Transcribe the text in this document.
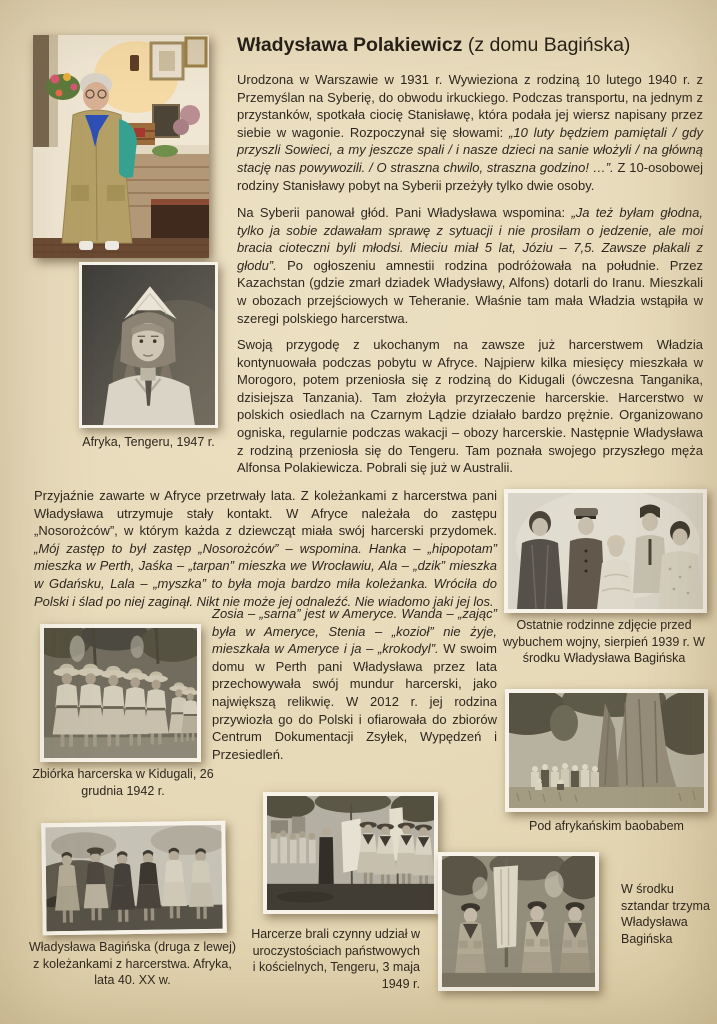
Władysława Polakiewicz (z domu Bagińska)

Urodzona w Warszawie w 1931 r. Wywieziona z rodziną 10 lutego 1940 r. z Przemyślan na Syberię, do obwodu irkuckiego. Podczas transportu, na jednym z przystanków, spotkała ciocię Stanisławę, która podała jej wiersz napisany przez siebie w wagonie. Rozpoczynał się słowami: „10 luty będziem pamiętali / gdy przyszli Sowieci, a my jeszcze spali / i nasze dzieci na sanie włożyli / na główną stację nas powywozili. / O straszna chwilo, straszna godzino! …”. Z 10-osobowej rodziny Stanisławy pobyt na Syberii przeżyły tylko dwie osoby.

Na Syberii panował głód. Pani Władysława wspomina: „Ja też byłam głodna, tylko ja sobie zdawałam sprawę z sytuacji i nie prosiłam o jedzenie, ale moi bracia cioteczni byli młodsi. Mieciu miał 5 lat, Józiu – 7,5. Zawsze płakali z głodu”. Po ogłoszeniu amnestii rodzina podróżowała na południe. Przez Kazachstan (gdzie zmarł dziadek Władysławy, Alfons) dotarli do Iranu. Mieszkali w obozach przejściowych w Teheranie. Właśnie tam mała Władzia wstąpiła w szeregi polskiego harcerstwa.

Swoją przygodę z ukochanym na zawsze już harcerstwem Władzia kontynuowała podczas pobytu w Afryce. Najpierw kilka miesięcy mieszkała w Morogoro, potem przeniosła się z rodziną do Kidugali (ówczesna Tanganika, dzisiejsza Tanzania). Tam złożyła przyrzeczenie harcerskie. Harcerstwo w polskich osiedlach na Czarnym Lądzie działało bardzo prężnie. Organizowano ogniska, regularnie podczas wakacji – obozy harcerskie. Następnie Władysława z rodziną przeniosła się do Tengeru. Tam poznała swojego przyszłego męża Alfonsa Polakiewicza. Pobrali się już w Australii.

Afryka, Tengeru, 1947 r.

Przyjaźnie zawarte w Afryce przetrwały lata. Z koleżankami z harcerstwa pani Władysława utrzymuje stały kontakt. W Afryce należała do zastępu „Nosorożców”, w którym każda z dziewcząt miała swój harcerski przydomek. „Mój zastęp to był zastęp „Nosorożców” – wspomina. Hanka – „hipopotam” mieszka w Perth, Jaśka – „tarpan” mieszka we Wrocławiu, Ala – „dzik” mieszka w Gdańsku, Lala – „myszka” to była moja bardzo miła koleżanka. Wróciła do Polski i ślad po niej zaginął. Nikt nie może jej odnaleźć. Nie wiadomo jaki jej los.

Zosia – „sarna” jest w Ameryce. Wanda – „zając” była w Ameryce, Stenia – „kozioł” nie żyje, mieszkała w Ameryce i ja – „krokodyl”. W swoim domu w Perth pani Władysława przez lata przechowywała swój mundur harcerski, jako największą relikwię. W 2012 r. jej rodzina przywiozła go do Polski i ofiarowała do zbiorów Centrum Dokumentacji Zsyłek, Wypędzeń i Przesiedleń.

Ostatnie rodzinne zdjęcie przed wybuchem wojny, sierpień 1939 r. W środku Władysława Bagińska

Zbiórka harcerska w Kidugali, 26 grudnia 1942 r.

Pod afrykańskim baobabem

Władysława Bagińska (druga z lewej) z koleżankami z harcerstwa. Afryka, lata 40. XX w.

Harcerze brali czynny udział w uroczystościach państwowych i kościelnych, Tengeru, 3 maja 1949 r.

W środku sztandar trzyma Władysława Bagińska
